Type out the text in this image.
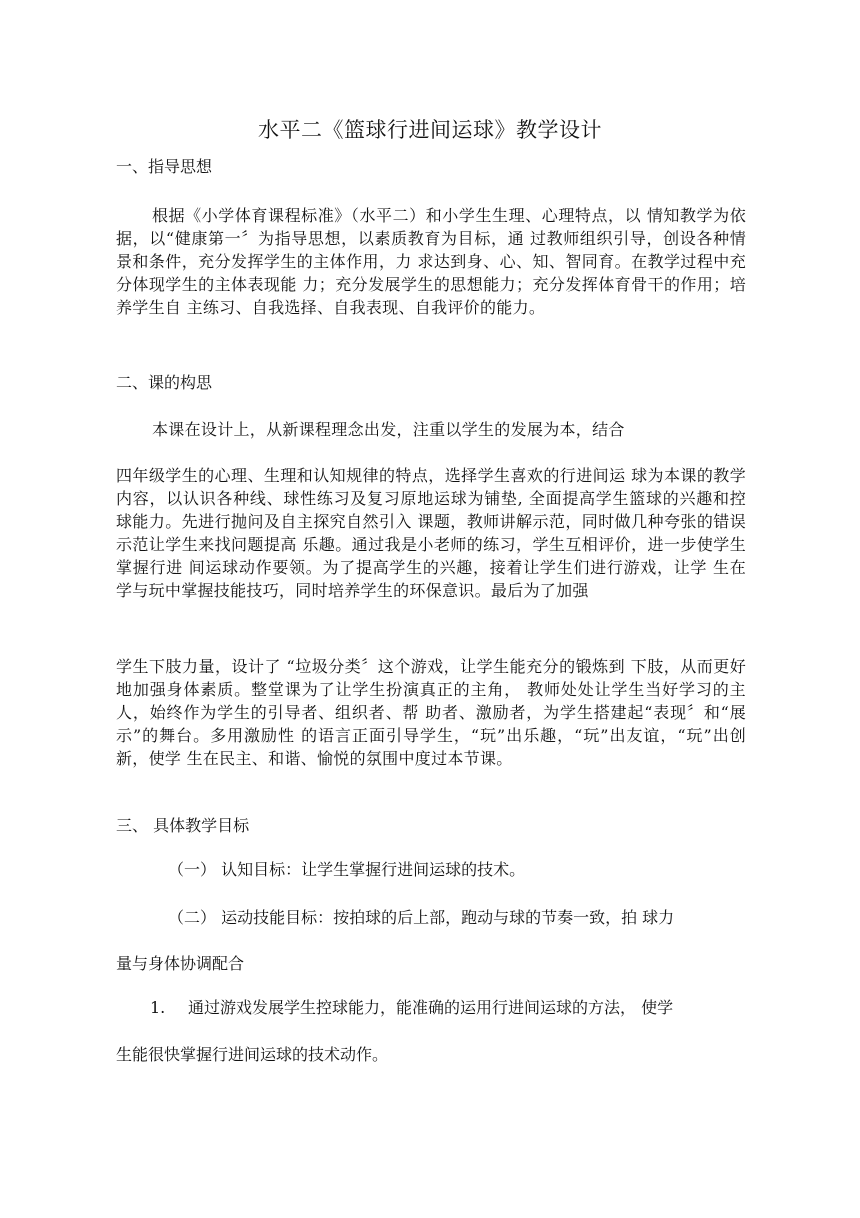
水平二《篮球行进间运球》教学设计
一、指导思想
根据《小学体育课程标准》（水平二）和小学生生理、心理特点，以 情知教学为依据，以“健康第一〞为指导思想，以素质教育为目标，通 过教师组织引导，创设各种情景和条件，充分发挥学生的主体作用，力 求达到身、心、知、智同育。在教学过程中充分体现学生的主体表现能 力；充分发展学生的思想能力；充分发挥体育骨干的作用；培养学生自 主练习、自我选择、自我表现、自我评价的能力。
二、课的构思
本课在设计上，从新课程理念出发，注重以学生的发展为本，结合
四年级学生的心理、生理和认知规律的特点，选择学生喜欢的行进间运 球为本课的教学内容，以认识各种线、球性练习及复习原地运球为铺垫, 全面提高学生篮球的兴趣和控球能力。先进行抛问及自主探究自然引入 课题，教师讲解示范，同时做几种夸张的错误示范让学生来找问题提高 乐趣。通过我是小老师的练习，学生互相评价，进一步使学生掌握行进 间运球动作要领。为了提高学生的兴趣，接着让学生们进行游戏，让学 生在学与玩中掌握技能技巧，同时培养学生的环保意识。最后为了加强
学生下肢力量，设计了 “垃圾分类〞这个游戏，让学生能充分的锻炼到 下肢，从而更好地加强身体素质。整堂课为了让学生扮演真正的主角， 教师处处让学生当好学习的主人，始终作为学生的引导者、组织者、帮 助者、激励者，为学生搭建起“表现〞和“展示”的舞台。多用激励性 的语言正面引导学生，“玩”出乐趣，“玩”出友谊，“玩”出创新，使学 生在民主、和谐、愉悦的氛围中度过本节课。
三、 具体教学目标
（一） 认知目标：让学生掌握行进间运球的技术。
（二） 运动技能目标：按拍球的后上部，跑动与球的节奏一致，拍 球力
量与身体协调配合
1. 通过游戏发展学生控球能力，能准确的运用行进间运球的方法， 使学
生能很快掌握行进间运球的技术动作。
